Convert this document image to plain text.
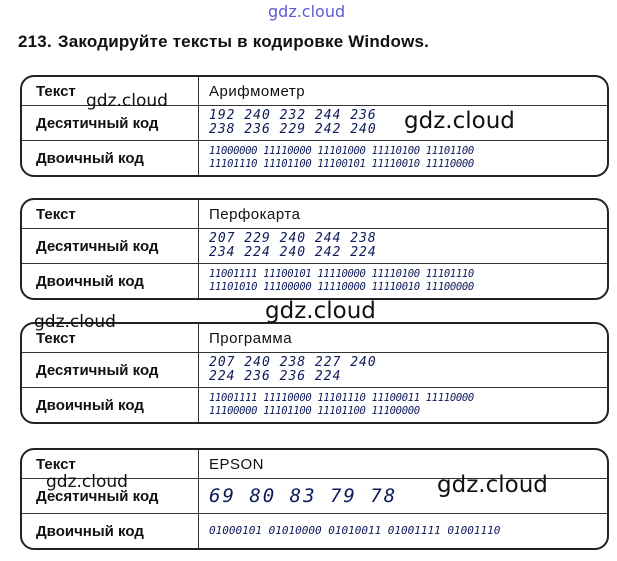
gdz.cloud
213. Закодируйте тексты в кодировке Windows.
Текст	Арифмометр
Десятичный код	192 240 232 244 236
238 236 229 242 240
Двоичный код	11000000 11110000 11101000 11110100 11101100
11101110 11101100 11100101 11110010 11110000
Текст	Перфокарта
Десятичный код	207 229 240 244 238
234 224 240 242 224
Двоичный код	11001111 11100101 11110000 11110100 11101110
11101010 11100000 11110000 11110010 11100000
Текст	Программа
Десятичный код	207 240 238 227 240
224 236 236 224
Двоичный код	11001111 11110000 11101110 11100011 11110000
11100000 11101100 11101100 11100000
Текст	EPSON
Десятичный код	69 80 83 79 78
Двоичный код	01000101 01010000 01010011 01001111 01001110
gdz.cloud
gdz.cloud
gdz.cloud	gdz.cloud
gdz.cloud	gdz.cloud
